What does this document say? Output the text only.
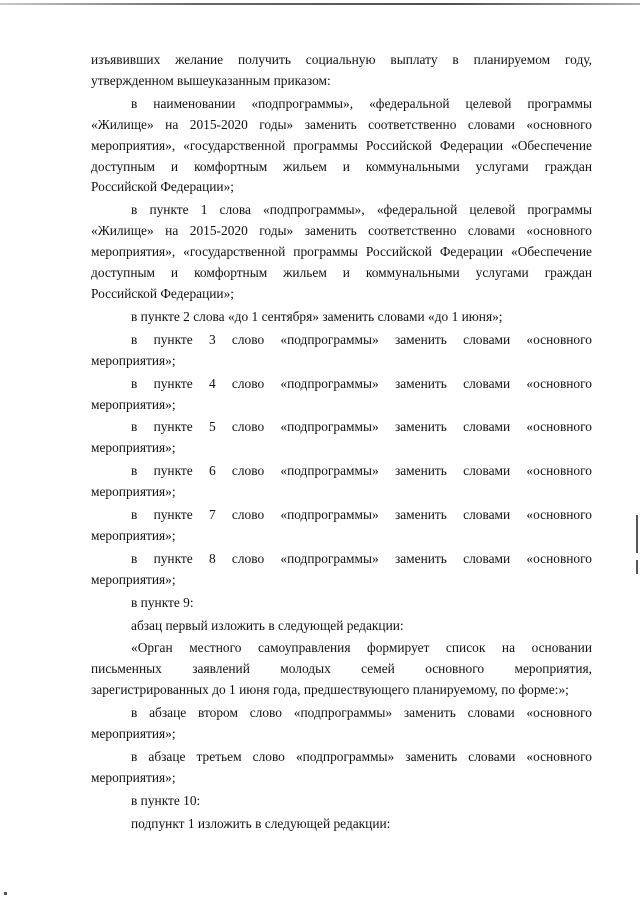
изъявивших желание получить социальную выплату в планируемом году,

утвержденном вышеуказанным приказом:

в наименовании «подпрограммы», «федеральной целевой программы

«Жилище» на 2015-2020 годы» заменить соответственно словами «основного

мероприятия», «государственной программы Российской Федерации «Обеспечение

доступным и комфортным жильем и коммунальными услугами граждан

Российской Федерации»;

в пункте 1 слова «подпрограммы», «федеральной целевой программы

«Жилище» на 2015-2020 годы» заменить соответственно словами «основного

мероприятия», «государственной программы Российской Федерации «Обеспечение

доступным и комфортным жильем и коммунальными услугами граждан

Российской Федерации»;

в пункте 2 слова «до 1 сентября» заменить словами «до 1 июня»;

в пункте 3 слово «подпрограммы» заменить словами «основного

мероприятия»;

в пункте 4 слово «подпрограммы» заменить словами «основного

мероприятия»;

в пункте 5 слово «подпрограммы» заменить словами «основного

мероприятия»;

в пункте 6 слово «подпрограммы» заменить словами «основного

мероприятия»;

в пункте 7 слово «подпрограммы» заменить словами «основного

мероприятия»;

в пункте 8 слово «подпрограммы» заменить словами «основного

мероприятия»;

в пункте 9:

абзац первый изложить в следующей редакции:

«Орган местного самоуправления формирует список на основании

письменных заявлений молодых семей основного мероприятия,

зарегистрированных до 1 июня года, предшествующего планируемому, по форме:»;

в абзаце втором слово «подпрограммы» заменить словами «основного

мероприятия»;

в абзаце третьем слово «подпрограммы» заменить словами «основного

мероприятия»;

в пункте 10:

подпункт 1 изложить в следующей редакции:
